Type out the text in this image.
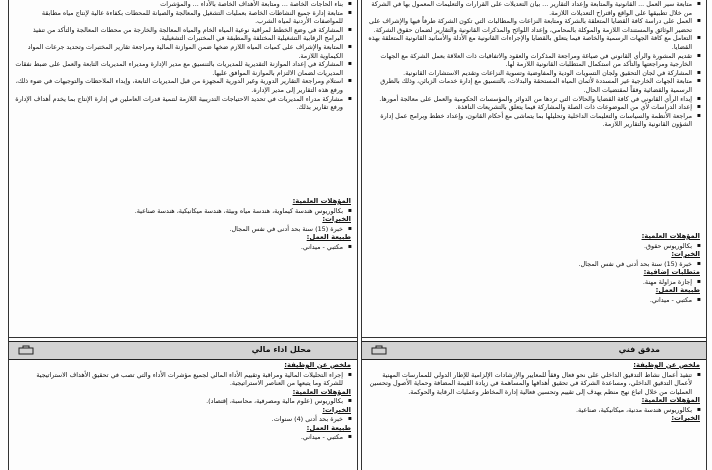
▪ بناء الحاجات الخاصة ... ومتابعة الأهداف الخاصة بالأداء ... والمؤشرات
▪ متابعة إدارة جميع النشاطات الخاصة بعمليات التشغيل والمعالجة والصيانة للمحطات بكفاءة عالية لإنتاج مياه مطابقة للمواصفات الأردنية لمياه الشرب.
▪ المشاركة في وضع الخطط لمراقبة نوعية المياه الخام والمياه المعالجة والخارجة من محطات المعالجة والتأكد من تنفيذ البرامج الرقابية التشغيلية المختلفة والمطبقة في المختبرات التشغيلية.
▪ المتابعة والإشراف على كميات المياه اللازم ضخها ضمن الموازنة المالية ومراجعة تقارير المختبرات وتحديد جرعات المواد الكيماوية اللازمة.
▪ المشاركة في إعداد الموازنة التقديرية للمديريات بالتنسيق مع مدير الإدارة ومديراء المديريات التابعة والعمل على ضبط نفقات المديريات لضمان الالتزام بالموازنة الموافق عليها.
▪ استلام ومراجعة التقارير الدورية وغير الدورية المجهزة من قبل المديريات التابعة، وإبداء الملاحظات والتوجيهات في ضوء ذلك، ورفع هذه التقارير إلى مدير الإدارة.
▪ مشاركة مدراء المديريات في تحديد الاحتياجات التدريبية اللازمة لتنمية قدرات العاملين في إدارة الإنتاج بما يخدم أهداف الإدارة ورفع تقارير بذلك.
المؤهلات العلمية:
▪ بكالوريوس هندسة كيماوية، هندسة مياه وبيئة، هندسة ميكانيكية، هندسة صناعية.
الخبرات:
▪ خبرة (15) سنة بحد أدنى في نفس المجال.
طبيعة العمل:
▪ مكتبي - ميداني.
محلل اداء مالي
ملخص عن الوظيفة:
▪ إجراء التحليلات المالية ومراقبة وتقييم الأداء المالي لجميع مؤشرات الأداء والتي تصب في تحقيق الأهداف الاستراتيجية للشركة وما يتبعها من العناصر الاستراتيجية.
المؤهلات العلمية:
▪ بكالوريوس (علوم مالية ومصرفية، محاسبة، إقتصاد).
الخبرات:
▪ خبرة بحد أدنى (4) سنوات.
طبيعة العمل:
▪ مكتبي - ميداني.
▪ متابعة سير العمل ... القانونية والمتابعة وإعداد التقارير ... بيان التعديلات على القرارات والتعليمات المعمول بها في الشركة من خلال تطبيقها على الواقع واقتراح التعديلات اللازمة.
▪ العمل على دراسة كافة القضايا المتعلقة بالشركة ومتابعة النزاعات والمطالبات التي تكون الشركة طرفاً فيها والإشراف على تحضير الوثائق والمستندات اللازمة والموكلة بالمحامي، وإعداد اللوائح والمذكرات القانونية والتقارير لضمان حقوق الشركة.
▪ التعامل مع كافة الجهات الرسمية والخاصة فيما يتعلق بالقضايا والإجراءات القانونية مع الأدلة والأسانيد القانونية المتعلقة بهذه القضايا.
▪ تقديم المشورة والرأي القانوني في صياغة ومراجعة المذكرات والعقود والاتفاقيات ذات العلاقة بعمل الشركة مع الجهات الخارجية ومراجعتها والتأكد من استكمال المتطلبات القانونية اللازمة لها.
▪ المشاركة في لجان التحقيق ولجان التسويات الودية والمفاوضية وتسوية النزاعات وتقديم الاستشارات القانونية.
▪ متابعة الجهات الخارجية غير المسددة لأثمان المياه المستحقة والبدلات، بالتنسيق مع إدارة خدمات الزبائن، وذلك بالطرق الرسمية والقضائية وفقاً لمقتضيات الحال.
▪ إبداء الرأي القانوني في كافة القضايا والحالات التي تردها من الدوائر والمؤسسات الحكومية والعمل على معالجة أمورها.
▪ إعداد الدراسات لأي من الموضوعات ذات الصلة والمشاركة فيما يتعلق بالتشريعات النافذة.
▪ مراجعة الأنظمة والسياسات والتعليمات الداخلية وتحليلها بما يتماشى مع أحكام القانون، وإعداد خطط وبرامج عمل إدارة الشؤون القانونية والتقارير اللازمة.
المؤهلات العلمية:
▪ بكالوريوس حقوق.
الخبرات:
▪ خبرة (15) سنة بحد أدنى في نفس المجال.
متطلبات إضافية:
▪ إجازة مزاولة مهنة.
طبيعة العمل:
▪ مكتبي - ميداني.
مدقق فني
ملخص عن الوظيفة:
▪ تنفيذ أعمال نشاط التدقيق الداخلي على نحو فعال وفقاً للمعايير والإرشادات الإلزامية للإطار الدولي للممارسات المهنية لأعمال التدقيق الداخلي، ومساعدة الشركة في تحقيق أهدافها والمساهمة في زيادة القيمة المضافة وحماية الأصول وتحسين العمليات من خلال اتباع نهج منظم يهدف إلى تقييم وتحسين فعالية إدارة المخاطر وعمليات الرقابة والحوكمة.
المؤهلات العلمية:
▪ بكالوريوس هندسة مدنية، ميكانيكية، صناعية.
الخبرات:
